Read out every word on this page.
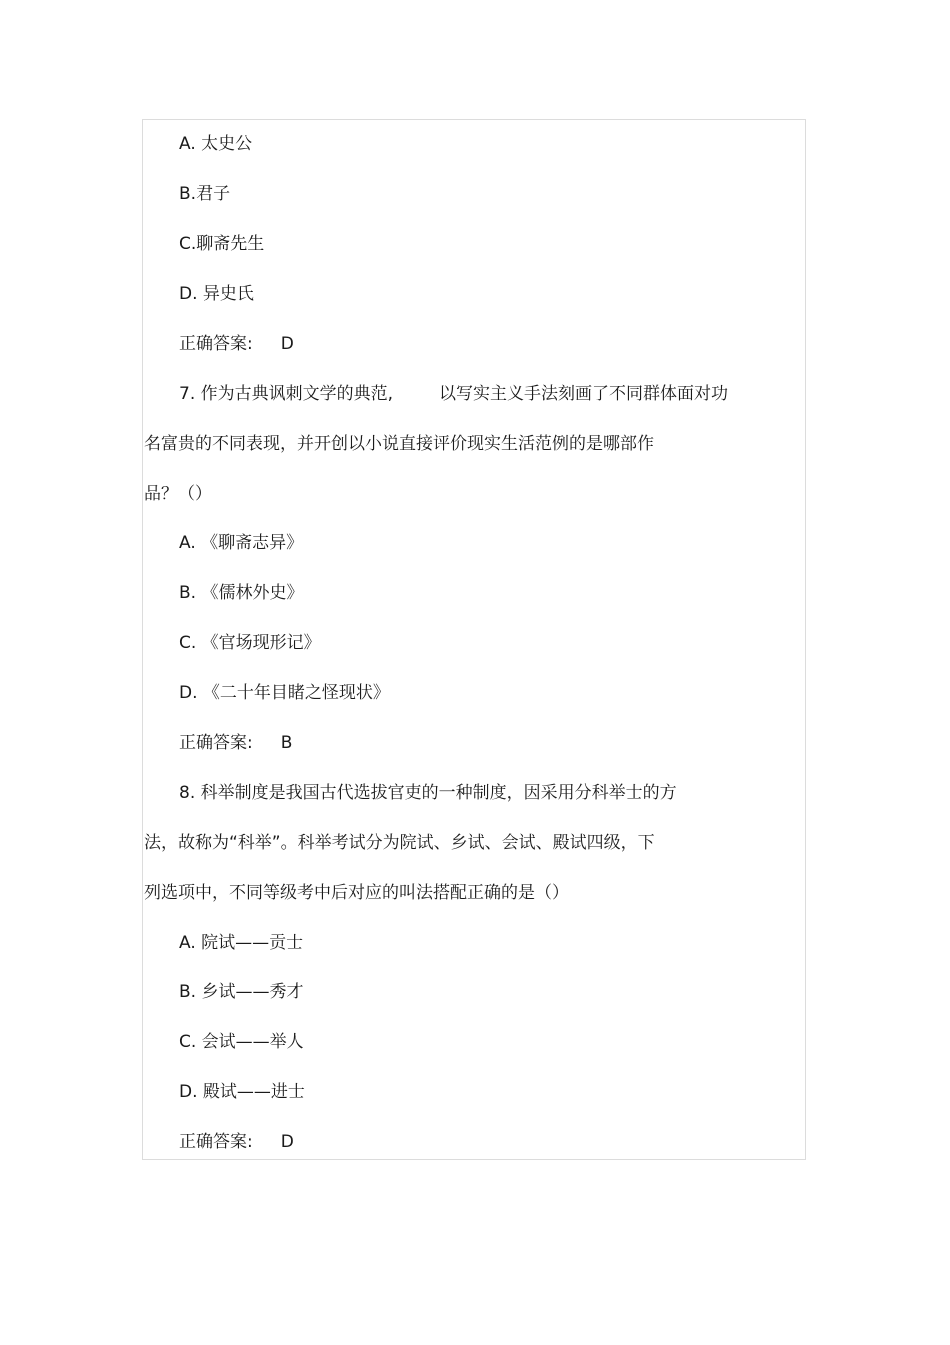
A. 太史公
B.君子
C.聊斋先生
D. 异史氏
正确答案: D
7. 作为古典讽刺文学的典范,	以写实主义手法刻画了不同群体面对功
名富贵的不同表现，并开创以小说直接评价现实生活范例的是哪部作
品？（）
A. 《聊斋志异》
B. 《儒林外史》
C. 《官场现形记》
D. 《二十年目睹之怪现状》
正确答案: B
8. 科举制度是我国古代选拔官吏的一种制度，因采用分科举士的方
法，故称为“科举”。科举考试分为院试、乡试、会试、殿试四级，下
列选项中，不同等级考中后对应的叫法搭配正确的是（）
A. 院试——贡士
B. 乡试——秀才
C. 会试——举人
D. 殿试——进士
正确答案: D
